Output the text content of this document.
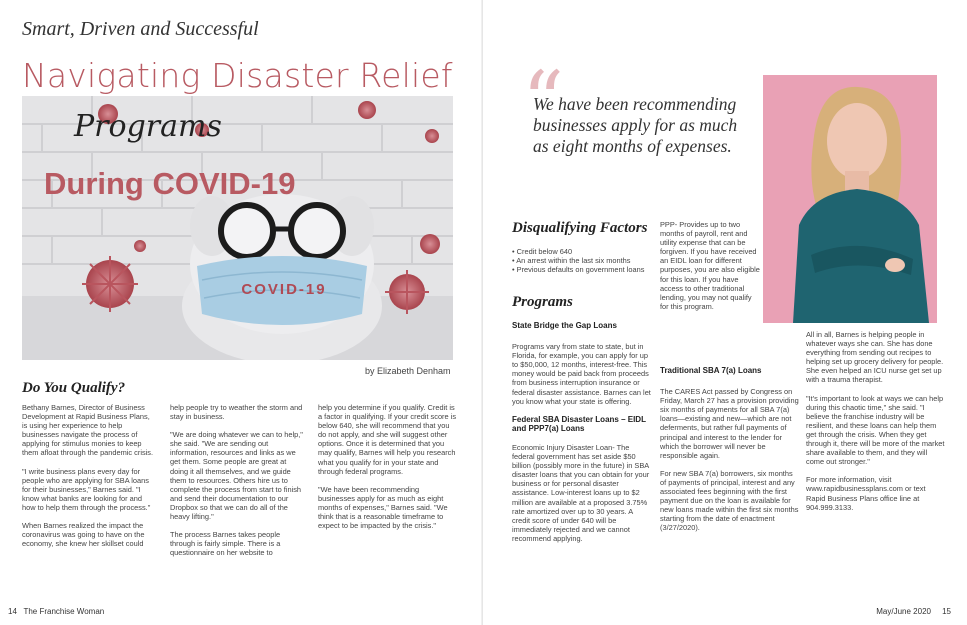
Smart, Driven and Successful
Navigating Disaster Relief
COVID-19
Programs
During COVID-19
by Elizabeth Denham
Do You Qualify?

Bethany Barnes, Director of Business Development at Rapid Business Plans, is using her experience to help businesses navigate the process of applying for stimulus monies to keep them afloat through the pandemic crisis.

"I write business plans every day for people who are applying for SBA loans for their businesses," Barnes said. "I know what banks are looking for and how to help them through the process."

When Barnes realized the impact the coronavirus was going to have on the economy, she knew her skillset could

help people try to weather the storm and stay in business.

"We are doing whatever we can to help," she said. "We are sending out information, resources and links as we get them. Some people are great at doing it all themselves, and we guide them to resources. Others hire us to complete the process from start to finish and send their documentation to our Dropbox so that we can do all of the heavy lifting."

The process Barnes takes people through is fairly simple. There is a questionnaire on her website to

help you determine if you qualify. Credit is a factor in qualifying. If your credit score is below 640, she will recommend that you do not apply, and she will suggest other options. Once it is determined that you may qualify, Barnes will help you research what you qualify for in your state and through federal programs.

"We have been recommending businesses apply for as much as eight months of expenses," Barnes said. "We think that is a reasonable timeframe to expect to be impacted by the crisis."

14 The Franchise Woman
“
We have been recommending businesses apply for as much as eight months of expenses.
Disqualifying Factors
• Credit below 640
• An arrest within the last six months
• Previous defaults on government loans
Programs
State Bridge the Gap Loans

Programs vary from state to state, but in Florida, for example, you can apply for up to $50,000, 12 months, interest-free. This money would be paid back from proceeds from business interruption insurance or federal disaster assistance. Barnes can let you know what your state is offering.

Federal SBA Disaster Loans – EIDL and PPP7(a) Loans

Economic Injury Disaster Loan- The federal government has set aside $50 billion (possibly more in the future) in SBA disaster loans that you can obtain for your business or for personal disaster assistance. Low-interest loans up to $2 million are available at a proposed 3.75% rate amortized over up to 30 years. A credit score of under 640 will be immediately rejected and we cannot recommend applying.

PPP- Provides up to two months of payroll, rent and utility expense that can be forgiven. If you have received an EIDL loan for different purposes, you are also eligible for this loan. If you have access to other traditional lending, you may not qualify for this program.

Traditional SBA 7(a) Loans

The CARES Act passed by Congress on Friday, March 27 has a provision providing six months of payments for all SBA 7(a) loans—existing and new—which are not deferments, but rather full payments of principal and interest to the lender for which the borrower will never be responsible again.

For new SBA 7(a) borrowers, six months of payments of principal, interest and any associated fees beginning with the first payment due on the loan is available for new loans made within the first six months starting from the date of enactment (3/27/2020).

All in all, Barnes is helping people in whatever ways she can. She has done everything from sending out recipes to helping set up grocery delivery for people. She even helped an ICU nurse get set up with a trauma therapist.

"It's important to look at ways we can help during this chaotic time," she said. "I believe the franchise industry will be resilient, and these loans can help them get through the crisis. When they get through it, there will be more of the market share available to them, and they will come out stronger."

For more information, visit www.rapidbusinessplans.com or text Rapid Business Plans office line at 904.999.3133.

May/June 2020 15
